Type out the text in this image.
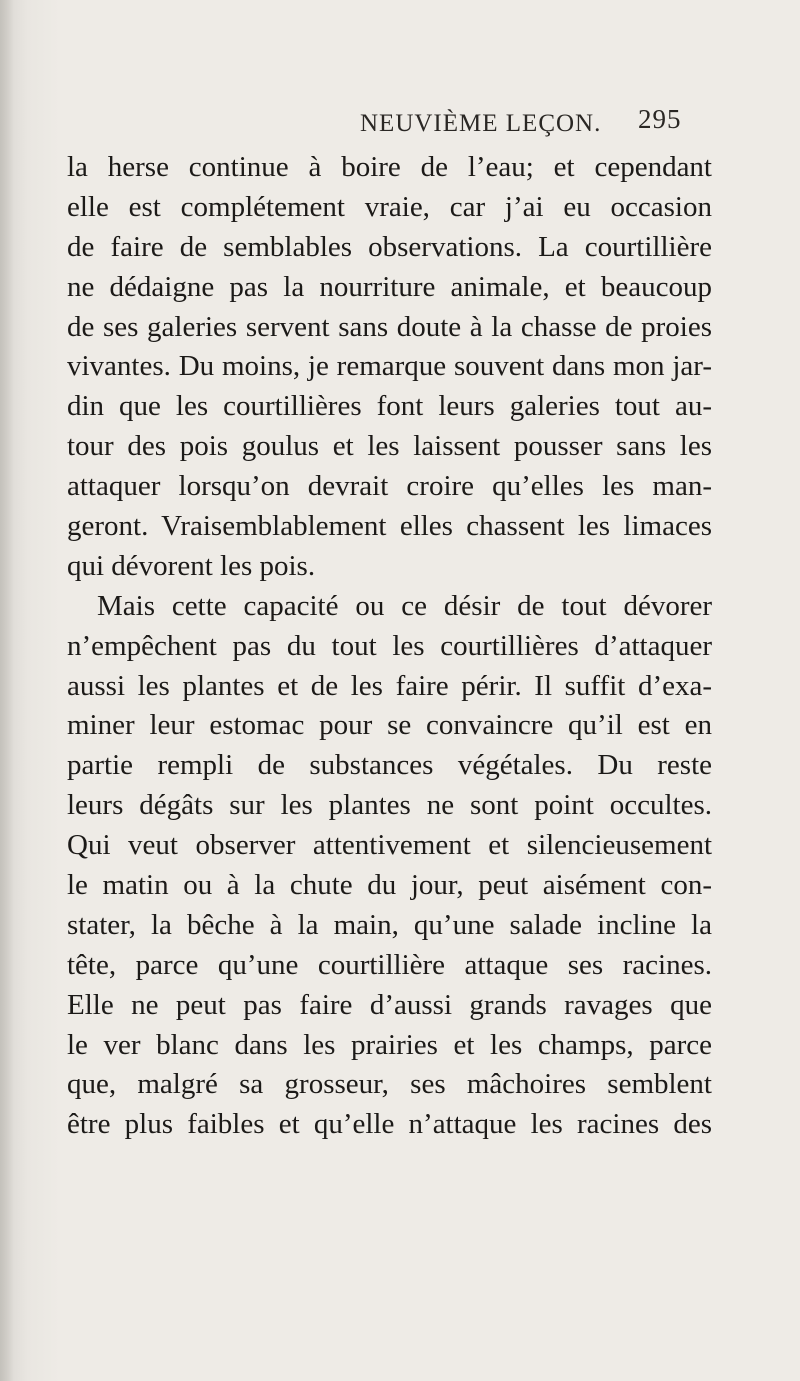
NEUVIÈME LEÇON. 295
la herse continue à boire de l’eau; et cependant
elle est complétement vraie, car j’ai eu occasion
de faire de semblables observations. La courtillière
ne dédaigne pas la nourriture animale, et beaucoup
de ses galeries servent sans doute à la chasse de proies
vivantes. Du moins, je remarque souvent dans mon jar-
din que les courtillières font leurs galeries tout au-
tour des pois goulus et les laissent pousser sans les
attaquer lorsqu’on devrait croire qu’elles les man-
geront. Vraisemblablement elles chassent les limaces
qui dévorent les pois.
Mais cette capacité ou ce désir de tout dévorer
n’empêchent pas du tout les courtillières d’attaquer
aussi les plantes et de les faire périr. Il suffit d’exa-
miner leur estomac pour se convaincre qu’il est en
partie rempli de substances végétales. Du reste
leurs dégâts sur les plantes ne sont point occultes.
Qui veut observer attentivement et silencieusement
le matin ou à la chute du jour, peut aisément con-
stater, la bêche à la main, qu’une salade incline la
tête, parce qu’une courtillière attaque ses racines.
Elle ne peut pas faire d’aussi grands ravages que
le ver blanc dans les prairies et les champs, parce
que, malgré sa grosseur, ses mâchoires semblent
être plus faibles et qu’elle n’attaque les racines des
